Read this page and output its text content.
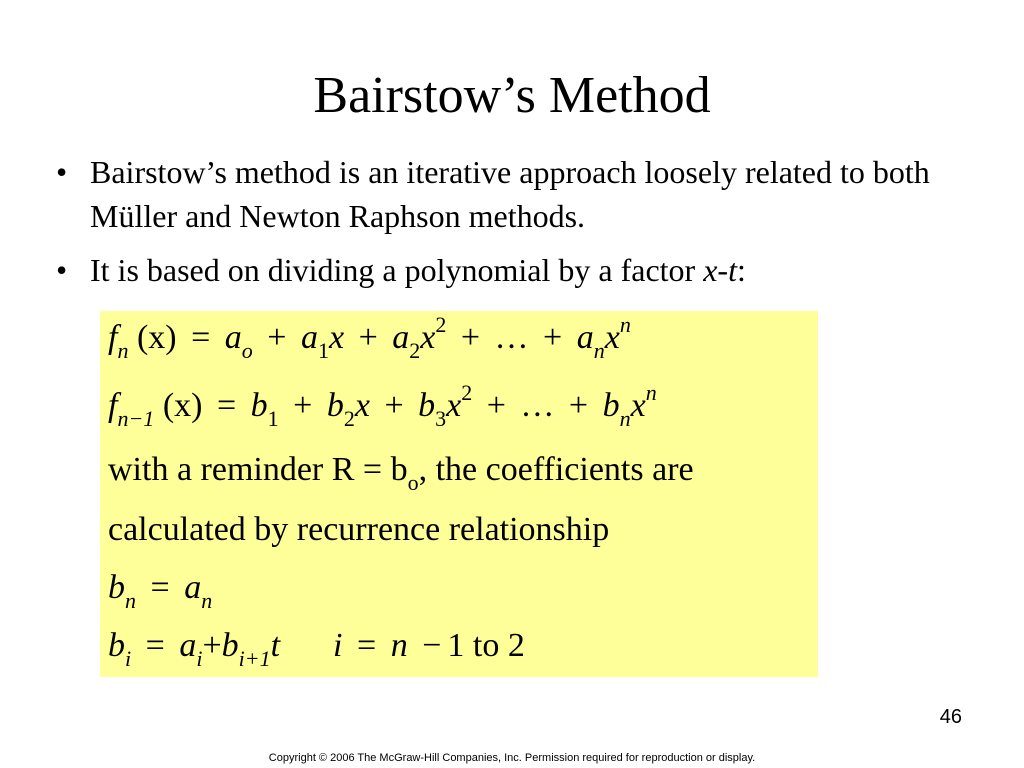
Bairstow’s Method
• Bairstow’s method is an iterative approach loosely related to both Müller and Newton Raphson methods.
• It is based on dividing a polynomial by a factor x-t:
$f_n$ $(x) = a_o + a_1x + a_2x^2$ + … + $a_nx^n$
$f_{n-1}$ $(x) = b_1 + b_2x + b_3x^2$ + … + $b_nx^n$
with a reminder $R = b_o$, the coefficients are
calculated by recurrence relationship
$b_n = a_n$
$b_i = a_i+b_{i+1}t$ i = n − 1 to 2
46
Copyright © 2006 The McGraw-Hill Companies, Inc. Permission required for reproduction or display.
